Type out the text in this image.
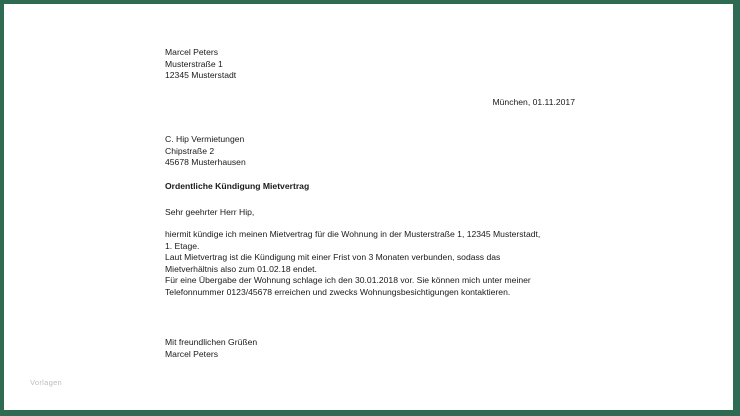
Marcel Peters
Musterstraße 1
12345 Musterstadt
München, 01.11.2017
C. Hip Vermietungen
Chipstraße 2
45678 Musterhausen
Ordentliche Kündigung Mietvertrag
Sehr geehrter Herr Hip,
hiermit kündige ich meinen Mietvertrag für die Wohnung in der Musterstraße 1, 12345 Musterstadt,
1. Etage.
Laut Mietvertrag ist die Kündigung mit einer Frist von 3 Monaten verbunden, sodass das
Mietverhältnis also zum 01.02.18 endet.
Für eine Übergabe der Wohnung schlage ich den 30.01.2018 vor. Sie können mich unter meiner
Telefonnummer 0123/45678 erreichen und zwecks Wohnungsbesichtigungen kontaktieren.
Mit freundlichen Grüßen
Marcel Peters
Vorlagen
